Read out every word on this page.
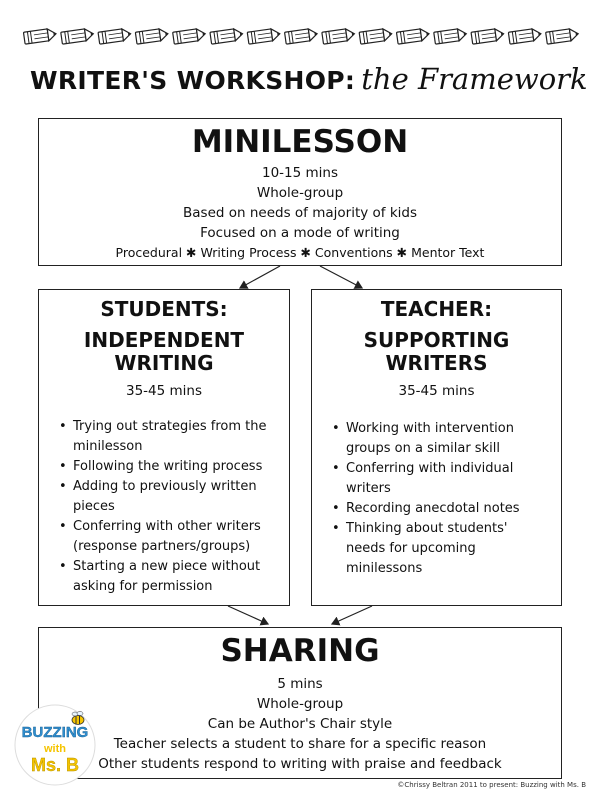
WRITER'S WORKSHOP: the Framework
MINILESSON
10-15 mins
Whole-group
Based on needs of majority of kids
Focused on a mode of writing
Procedural ✱ Writing Process ✱ Conventions ✱ Mentor Text
STUDENTS:
INDEPENDENT WRITING
35-45 mins
• Trying out strategies from the minilesson
• Following the writing process
• Adding to previously written pieces
• Conferring with other writers (response partners/groups)
• Starting a new piece without asking for permission
TEACHER:
SUPPORTING WRITERS
35-45 mins
• Working with intervention groups on a similar skill
• Conferring with individual writers
• Recording anecdotal notes
• Thinking about students' needs for upcoming minilessons
SHARING
5 mins
Whole-group
Can be Author's Chair style
Teacher selects a student to share for a specific reason
Other students respond to writing with praise and feedback
BUZZING
with
Ms. B
©Chrissy Beltran 2011 to present: Buzzing with Ms. B
